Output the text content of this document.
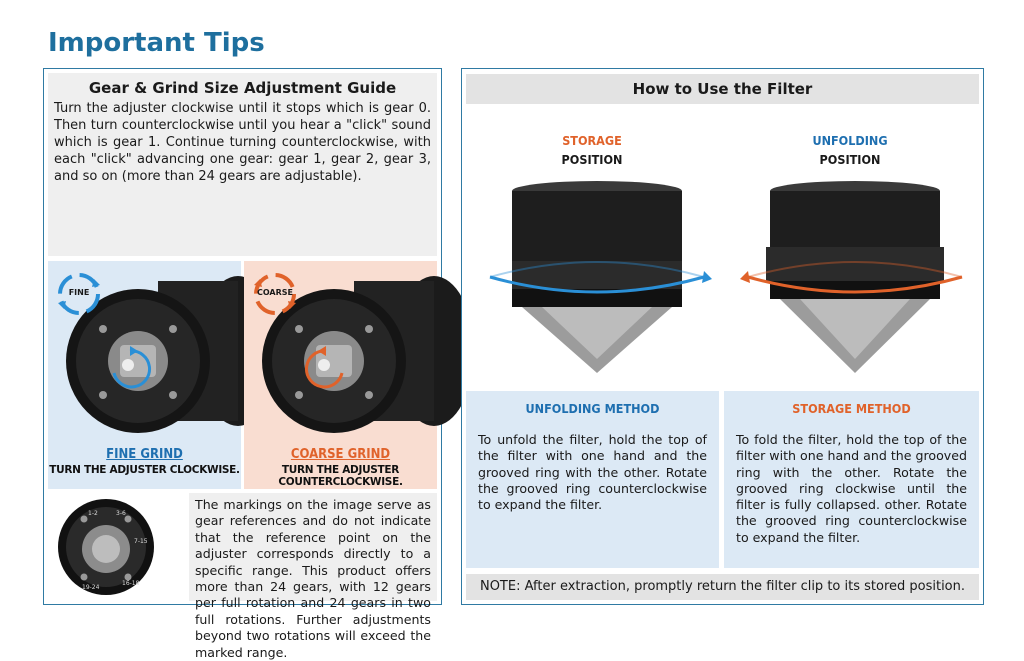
Important Tips
Gear & Grind Size Adjustment Guide
Turn the adjuster clockwise until it stops which is gear 0. Then turn counterclockwise until you hear a "click" sound which is gear 1. Continue turning counterclockwise, with each "click" advancing one gear: gear 1, gear 2, gear 3, and so on (more than 24 gears are adjustable).
FINE
FINE GRIND
TURN THE ADJUSTER CLOCKWISE.
COARSE
COARSE GRIND
TURN THE ADJUSTER COUNTERCLOCKWISE.
1-2	3-6
7-15
16-18
19-24
The markings on the image serve as gear references and do not indicate that the reference point on the adjuster corresponds directly to a specific range. This product offers more than 24 gears, with 12 gears per full rotation and 24 gears in two full rotations. Further adjustments beyond two rotations will exceed the marked range.
How to Use the Filter
STORAGE
POSITION
UNFOLDING
POSITION
UNFOLDING METHOD
To unfold the filter, hold the top of the filter with one hand and the grooved ring with the other. Rotate the grooved ring counterclockwise to expand the filter.
STORAGE METHOD
To fold the filter, hold the top of the filter with one hand and the grooved ring with the other. Rotate the grooved ring clockwise until the filter is fully collapsed. other. Rotate the grooved ring counterclockwise to expand the filter.
NOTE: After extraction, promptly return the filter clip to its stored position.
